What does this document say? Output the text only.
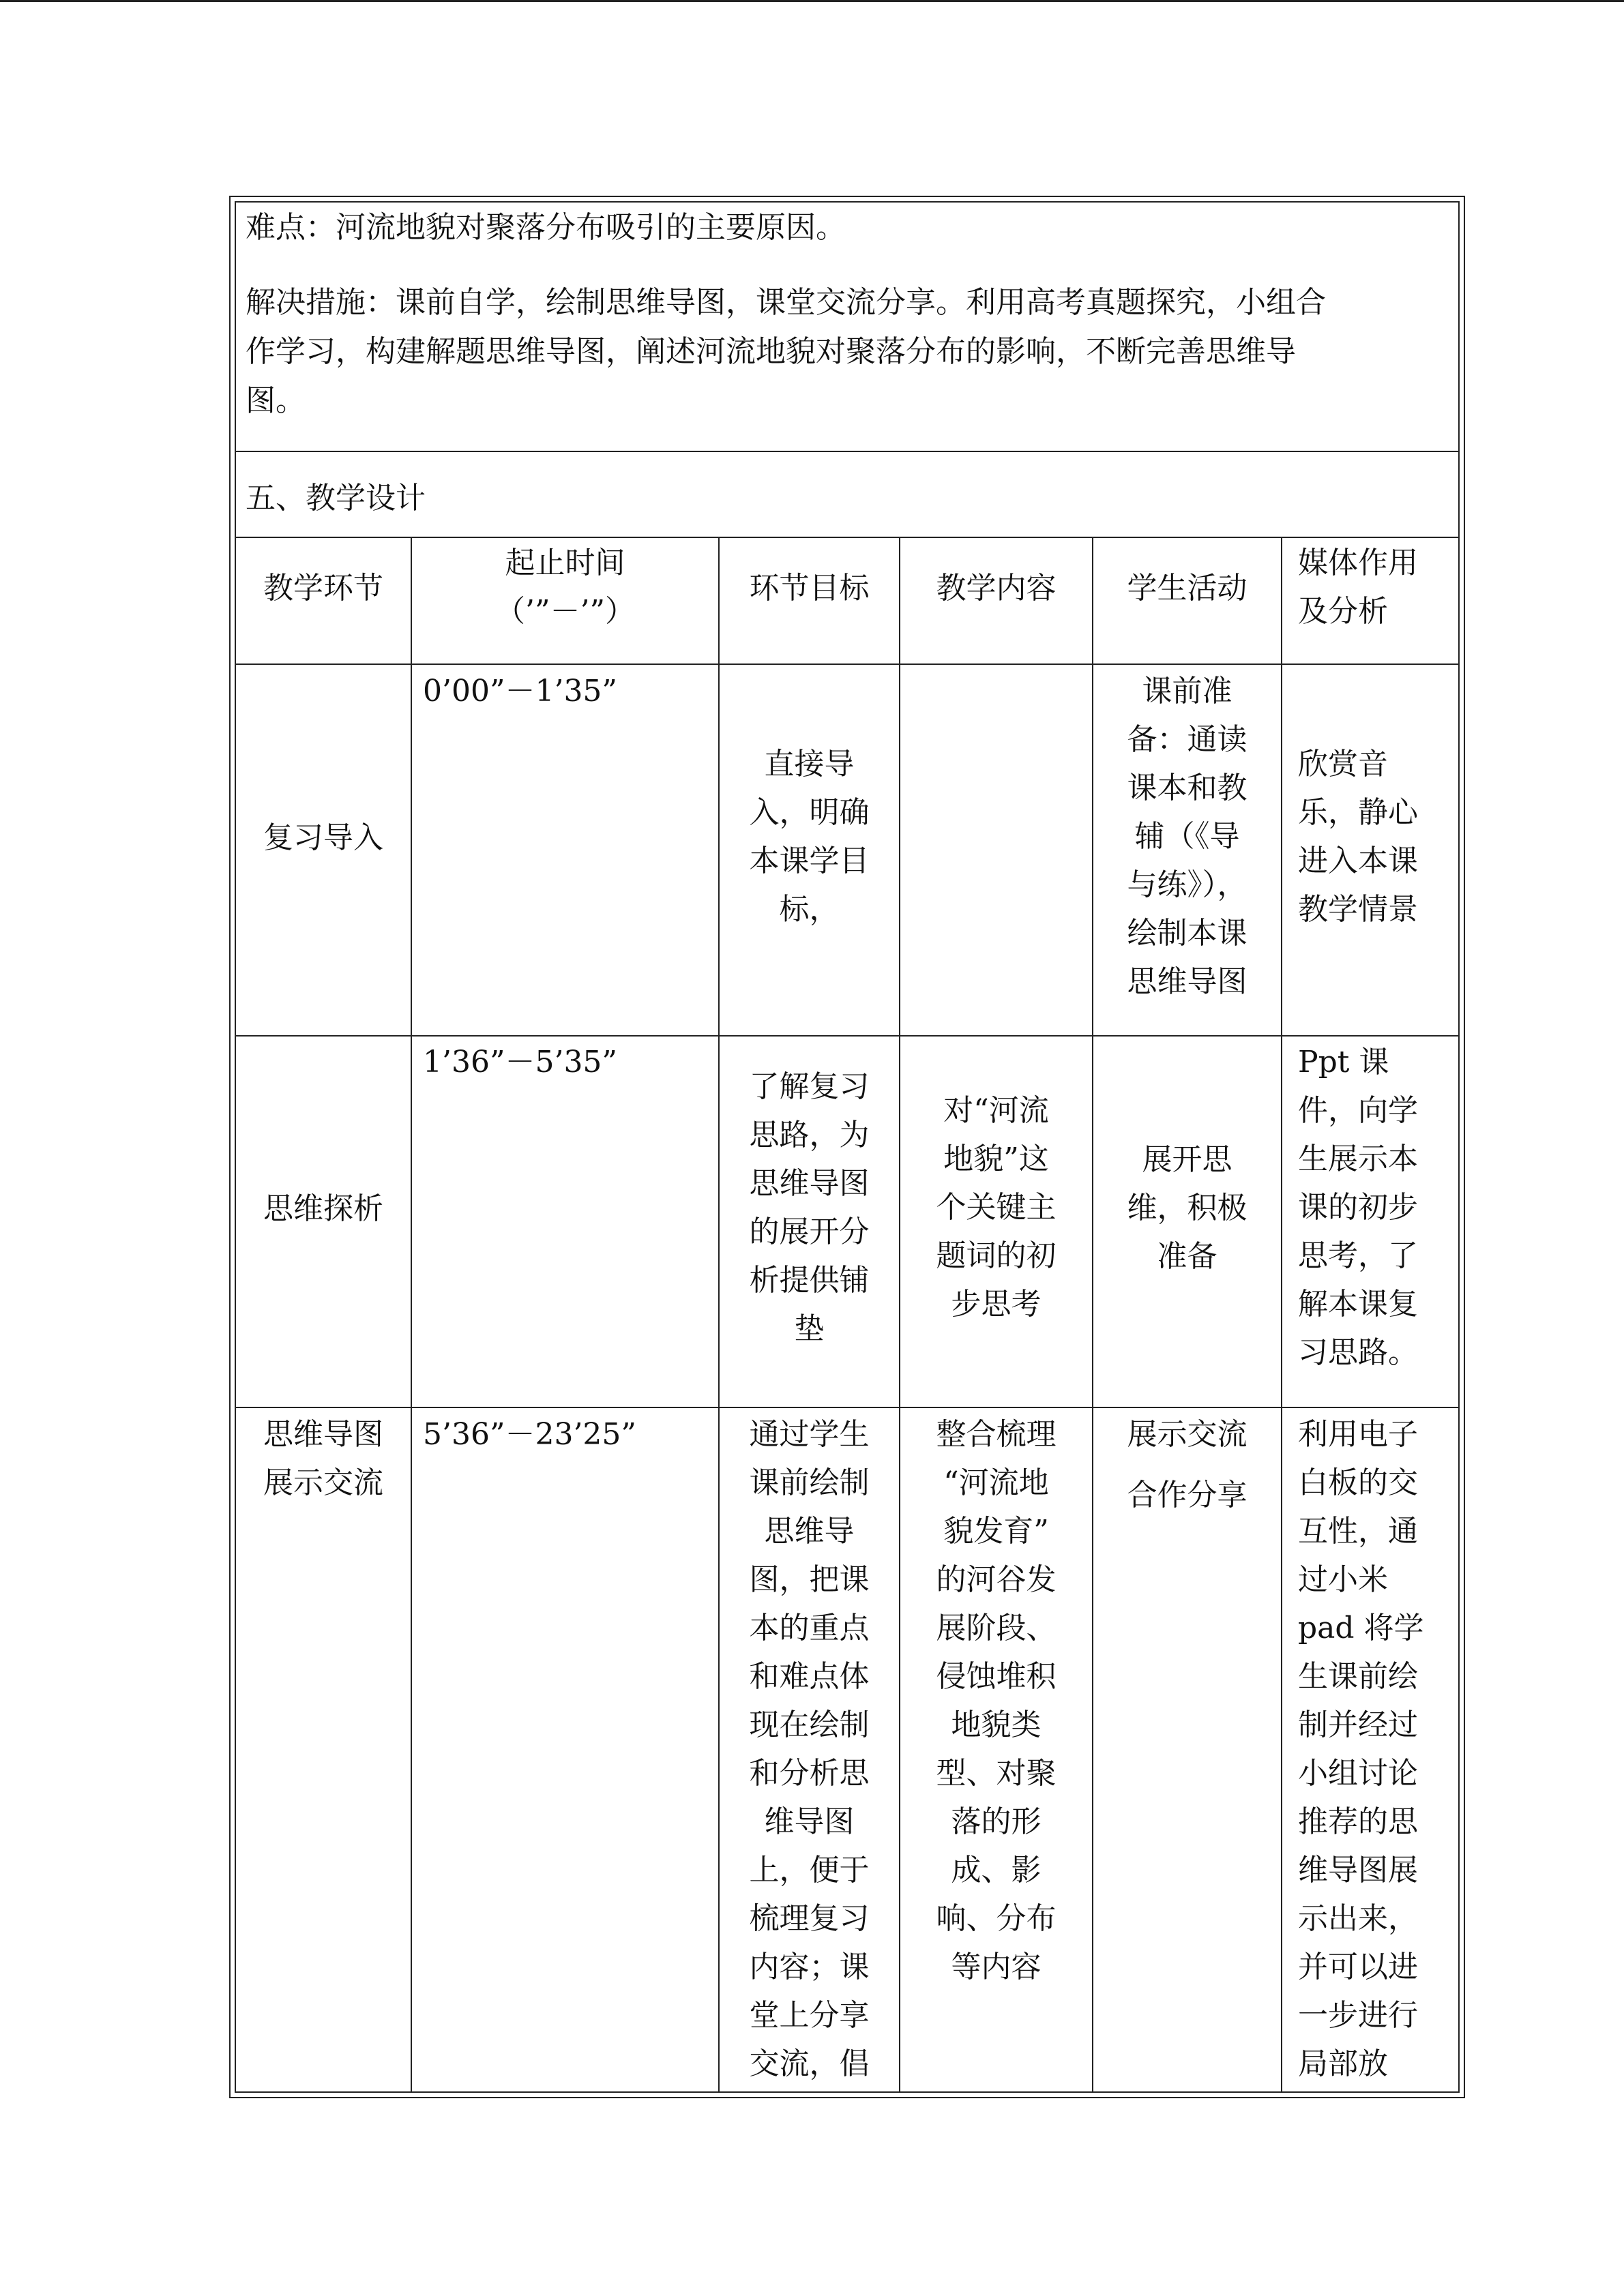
难点：河流地貌对聚落分布吸引的主要原因。
解决措施：课前自学，绘制思维导图，课堂交流分享。利用高考真题探究，小组合
作学习，构建解题思维导图，阐述河流地貌对聚落分布的影响，不断完善思维导
图。
五、教学设计
教学环节
起止时间
（’”－’”）
环节目标	教学内容	学生活动
媒体作用
及分析
复习导入
直接导
入，明确
本课学目
标，
课前准
备：通读
课本和教
辅（《导
与练》），
绘制本课
思维导图
欣赏音
乐，静心
进入本课
教学情景
0’00”－1’35”
思维探析
了解复习
思路，为
思维导图
的展开分
析提供铺
垫
对“河流
地貌”这
个关键主
题词的初
步思考
展开思
维，积极
准备
Ppt 课
件，向学
生展示本
课的初步
思考，了
解本课复
习思路。
1’36”－5’35”
思维导图
展示交流
通过学生
课前绘制
思维导
图，把课
本的重点
和难点体
现在绘制
和分析思
维导图
上，便于
梳理复习
内容；课
堂上分享
交流，倡
整合梳理
“河流地
貌发育”
的河谷发
展阶段、
侵蚀堆积
地貌类
型、对聚
落的形
成、影
响、分布
等内容
展示交流
合作分享
利用电子
白板的交
互性，通
过小米
pad 将学
生课前绘
制并经过
小组讨论
推荐的思
维导图展
示出来，
并可以进
一步进行
局部放
5’36”－23’25”
